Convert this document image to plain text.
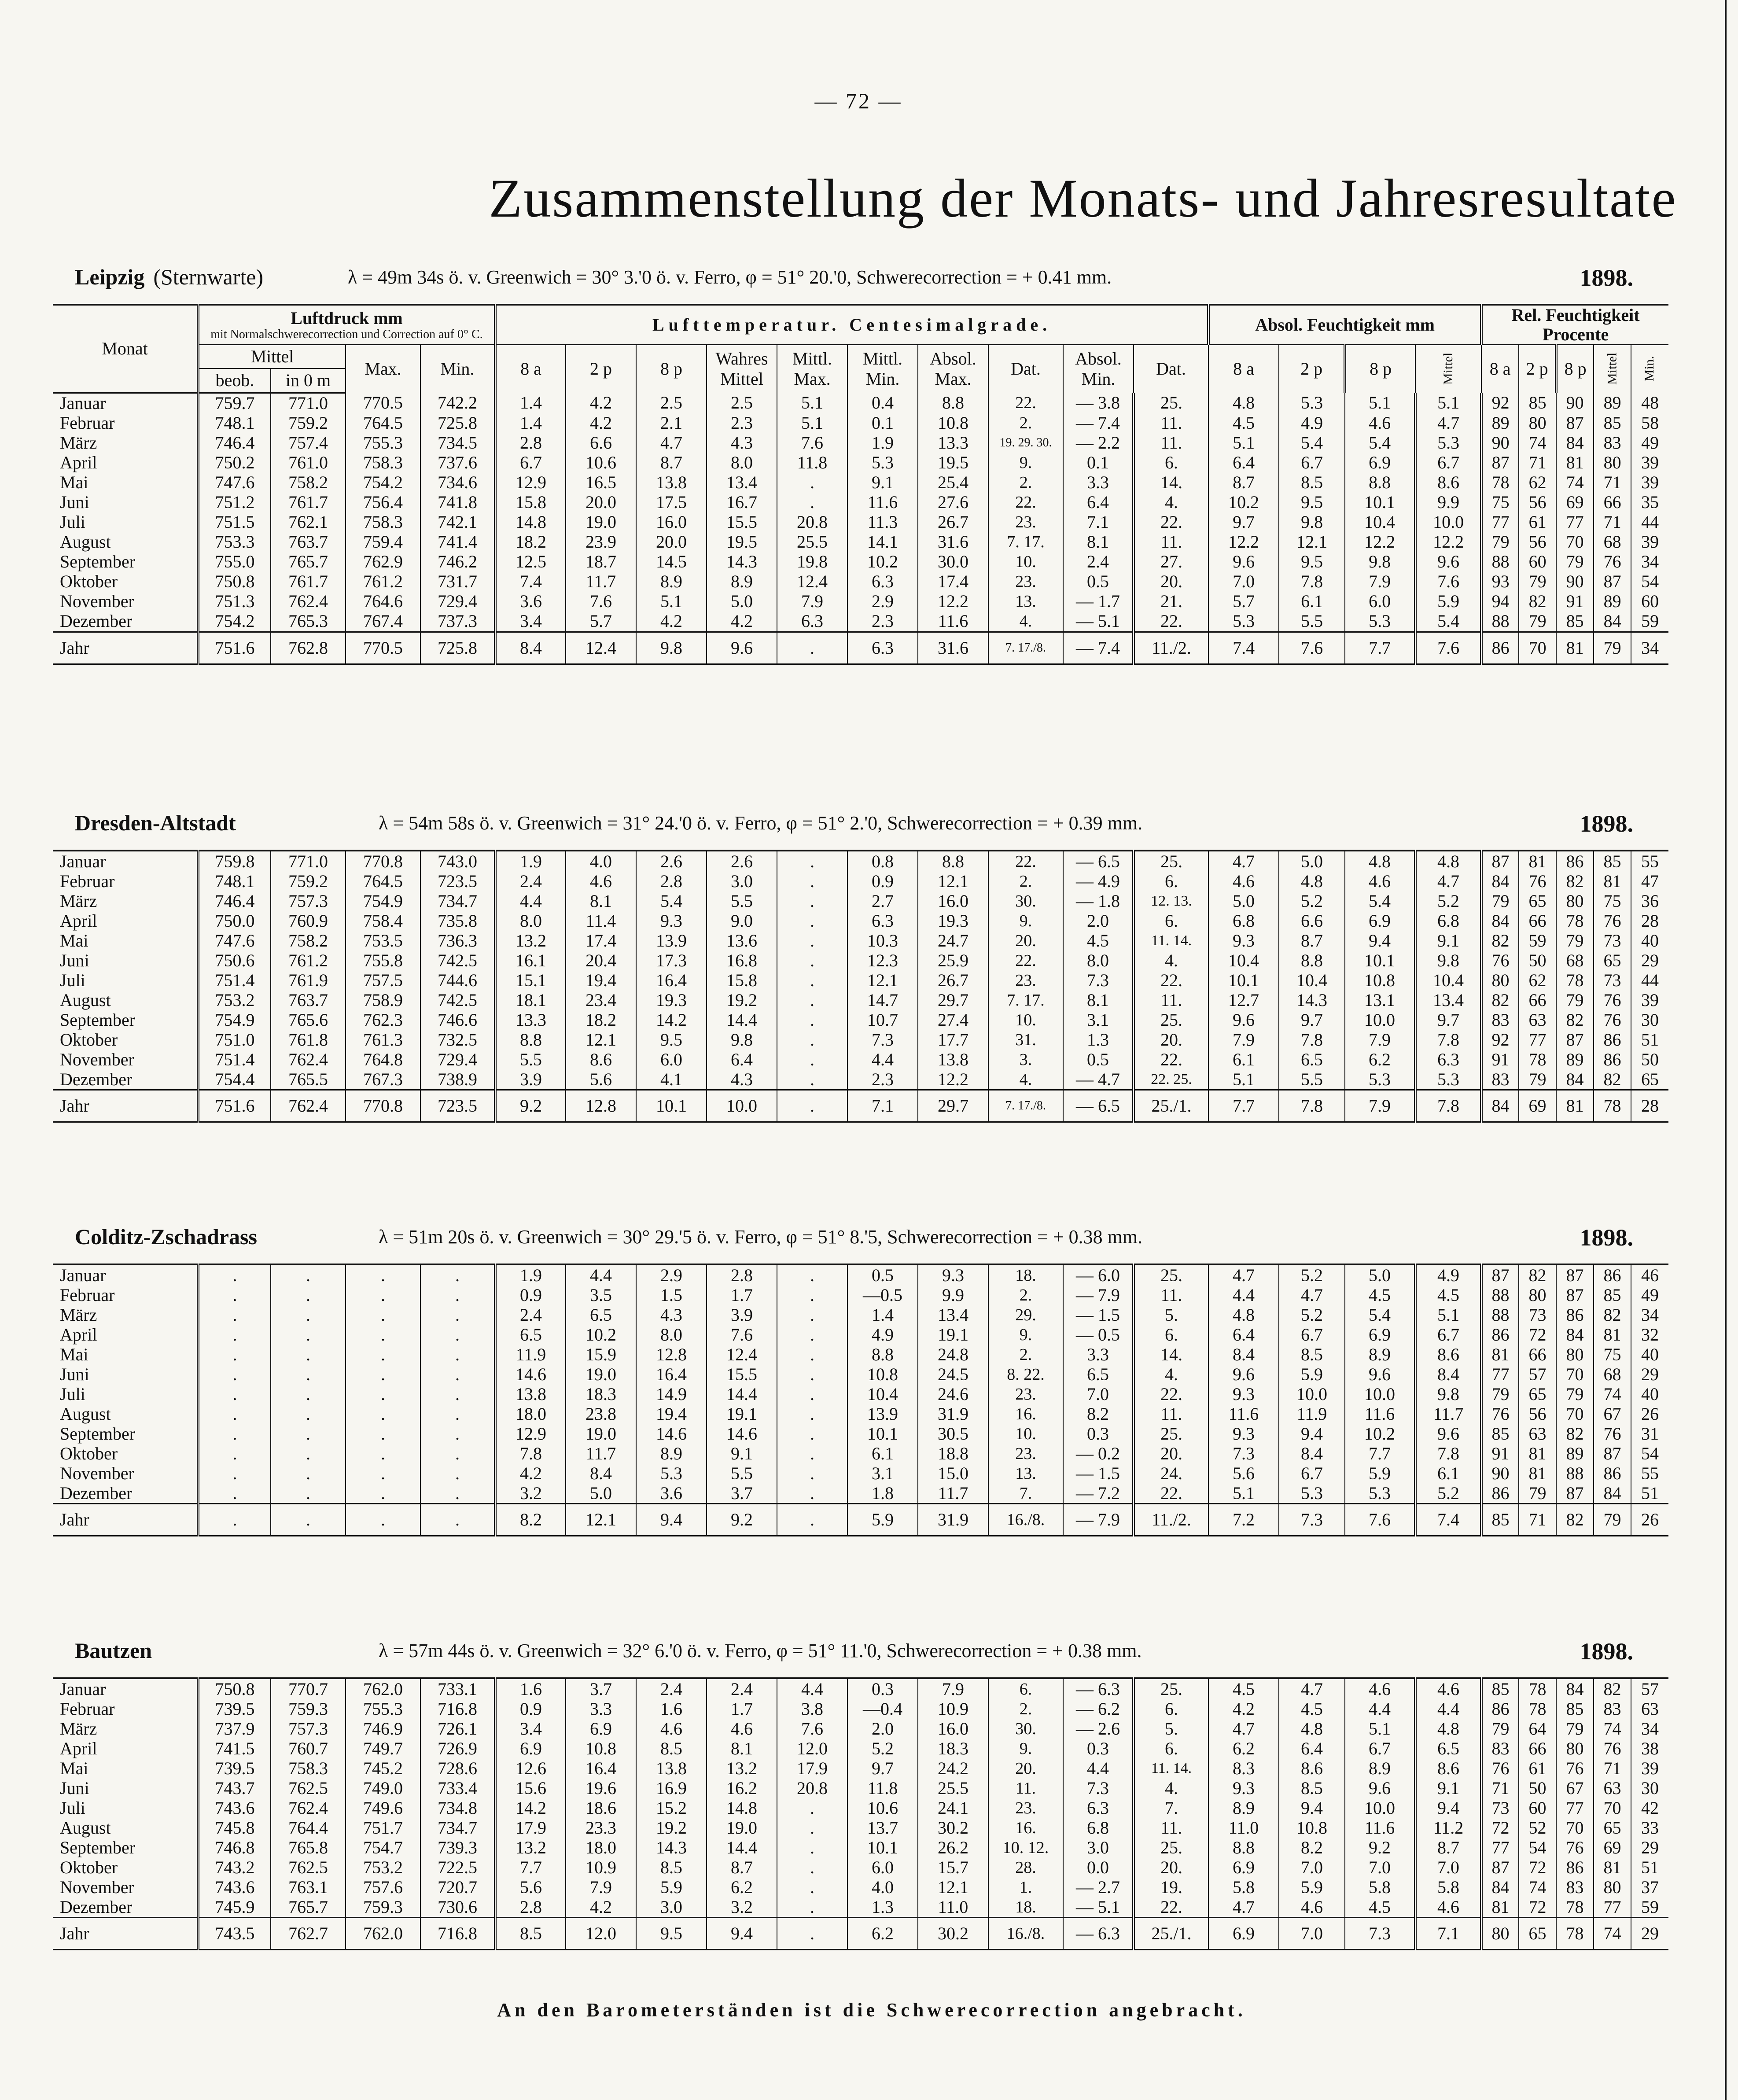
— 72 —
Zusammenstellung der Monats- und Jahresresultate
Leipzig (Sternwarte)	λ = 49m 34s ö. v. Greenwich = 30° 3.'0 ö. v. Ferro, φ = 51° 20.'0, Schwerecorrection = + 0.41 mm.	1898.
Monat	Luftdruck mm
mit Normalschwerecorrection und Correction auf 0° C.				Lufttemperatur. Centesimalgrade.										Absol. Feuchtigkeit mm				Rel. Feuchtigkeit Procente				
	Mittel		Max.	Min.	8 a	2 p	8 p	Wahres Mittel	Mittl. Max.	Mittl. Min.	Absol. Max.	Dat.	Absol. Min.	Dat.	8 a	2 p	8 p	Mittel	8 a	2 p	8 p	Mittel	Min.
	beob.	in 0 m																					
Januar	759.7	771.0	770.5	742.2	1.4	4.2	2.5	2.5	5.1	0.4	8.8	22.	— 3.8	25.	4.8	5.3	5.1	5.1	92	85	90	89	48
Februar	748.1	759.2	764.5	725.8	1.4	4.2	2.1	2.3	5.1	0.1	10.8	2.	— 7.4	11.	4.5	4.9	4.6	4.7	89	80	87	85	58
März	746.4	757.4	755.3	734.5	2.8	6.6	4.7	4.3	7.6	1.9	13.3	19. 29. 30.	— 2.2	11.	5.1	5.4	5.4	5.3	90	74	84	83	49
April	750.2	761.0	758.3	737.6	6.7	10.6	8.7	8.0	11.8	5.3	19.5	9.	0.1	6.	6.4	6.7	6.9	6.7	87	71	81	80	39
Mai	747.6	758.2	754.2	734.6	12.9	16.5	13.8	13.4	.	9.1	25.4	2.	3.3	14.	8.7	8.5	8.8	8.6	78	62	74	71	39
Juni	751.2	761.7	756.4	741.8	15.8	20.0	17.5	16.7	.	11.6	27.6	22.	6.4	4.	10.2	9.5	10.1	9.9	75	56	69	66	35
Juli	751.5	762.1	758.3	742.1	14.8	19.0	16.0	15.5	20.8	11.3	26.7	23.	7.1	22.	9.7	9.8	10.4	10.0	77	61	77	71	44
August	753.3	763.7	759.4	741.4	18.2	23.9	20.0	19.5	25.5	14.1	31.6	7. 17.	8.1	11.	12.2	12.1	12.2	12.2	79	56	70	68	39
September	755.0	765.7	762.9	746.2	12.5	18.7	14.5	14.3	19.8	10.2	30.0	10.	2.4	27.	9.6	9.5	9.8	9.6	88	60	79	76	34
Oktober	750.8	761.7	761.2	731.7	7.4	11.7	8.9	8.9	12.4	6.3	17.4	23.	0.5	20.	7.0	7.8	7.9	7.6	93	79	90	87	54
November	751.3	762.4	764.6	729.4	3.6	7.6	5.1	5.0	7.9	2.9	12.2	13.	— 1.7	21.	5.7	6.1	6.0	5.9	94	82	91	89	60
Dezember	754.2	765.3	767.4	737.3	3.4	5.7	4.2	4.2	6.3	2.3	11.6	4.	— 5.1	22.	5.3	5.5	5.3	5.4	88	79	85	84	59
Jahr	751.6	762.8	770.5	725.8	8.4	12.4	9.8	9.6	.	6.3	31.6	7. 17./8.	— 7.4	11./2.	7.4	7.6	7.7	7.6	86	70	81	79	34
Dresden-Altstadt	λ = 54m 58s ö. v. Greenwich = 31° 24.'0 ö. v. Ferro, φ = 51° 2.'0, Schwerecorrection = + 0.39 mm.	1898.
Januar	759.8	771.0	770.8	743.0	1.9	4.0	2.6	2.6	.	0.8	8.8	22.	— 6.5	25.	4.7	5.0	4.8	4.8	87	81	86	85	55
Februar	748.1	759.2	764.5	723.5	2.4	4.6	2.8	3.0	.	0.9	12.1	2.	— 4.9	6.	4.6	4.8	4.6	4.7	84	76	82	81	47
März	746.4	757.3	754.9	734.7	4.4	8.1	5.4	5.5	.	2.7	16.0	30.	— 1.8	12. 13.	5.0	5.2	5.4	5.2	79	65	80	75	36
April	750.0	760.9	758.4	735.8	8.0	11.4	9.3	9.0	.	6.3	19.3	9.	2.0	6.	6.8	6.6	6.9	6.8	84	66	78	76	28
Mai	747.6	758.2	753.5	736.3	13.2	17.4	13.9	13.6	.	10.3	24.7	20.	4.5	11. 14.	9.3	8.7	9.4	9.1	82	59	79	73	40
Juni	750.6	761.2	755.8	742.5	16.1	20.4	17.3	16.8	.	12.3	25.9	22.	8.0	4.	10.4	8.8	10.1	9.8	76	50	68	65	29
Juli	751.4	761.9	757.5	744.6	15.1	19.4	16.4	15.8	.	12.1	26.7	23.	7.3	22.	10.1	10.4	10.8	10.4	80	62	78	73	44
August	753.2	763.7	758.9	742.5	18.1	23.4	19.3	19.2	.	14.7	29.7	7. 17.	8.1	11.	12.7	14.3	13.1	13.4	82	66	79	76	39
September	754.9	765.6	762.3	746.6	13.3	18.2	14.2	14.4	.	10.7	27.4	10.	3.1	25.	9.6	9.7	10.0	9.7	83	63	82	76	30
Oktober	751.0	761.8	761.3	732.5	8.8	12.1	9.5	9.8	.	7.3	17.7	31.	1.3	20.	7.9	7.8	7.9	7.8	92	77	87	86	51
November	751.4	762.4	764.8	729.4	5.5	8.6	6.0	6.4	.	4.4	13.8	3.	0.5	22.	6.1	6.5	6.2	6.3	91	78	89	86	50
Dezember	754.4	765.5	767.3	738.9	3.9	5.6	4.1	4.3	.	2.3	12.2	4.	— 4.7	22. 25.	5.1	5.5	5.3	5.3	83	79	84	82	65
Jahr	751.6	762.4	770.8	723.5	9.2	12.8	10.1	10.0	.	7.1	29.7	7. 17./8.	— 6.5	25./1.	7.7	7.8	7.9	7.8	84	69	81	78	28
Colditz-Zschadrass	λ = 51m 20s ö. v. Greenwich = 30° 29.'5 ö. v. Ferro, φ = 51° 8.'5, Schwerecorrection = + 0.38 mm.	1898.
Januar	.	.	.	.	1.9	4.4	2.9	2.8	.	0.5	9.3	18.	— 6.0	25.	4.7	5.2	5.0	4.9	87	82	87	86	46
Februar	.	.	.	.	0.9	3.5	1.5	1.7	.	—0.5	9.9	2.	— 7.9	11.	4.4	4.7	4.5	4.5	88	80	87	85	49
März	.	.	.	.	2.4	6.5	4.3	3.9	.	1.4	13.4	29.	— 1.5	5.	4.8	5.2	5.4	5.1	88	73	86	82	34
April	.	.	.	.	6.5	10.2	8.0	7.6	.	4.9	19.1	9.	— 0.5	6.	6.4	6.7	6.9	6.7	86	72	84	81	32
Mai	.	.	.	.	11.9	15.9	12.8	12.4	.	8.8	24.8	2.	3.3	14.	8.4	8.5	8.9	8.6	81	66	80	75	40
Juni	.	.	.	.	14.6	19.0	16.4	15.5	.	10.8	24.5	8. 22.	6.5	4.	9.6	5.9	9.6	8.4	77	57	70	68	29
Juli	.	.	.	.	13.8	18.3	14.9	14.4	.	10.4	24.6	23.	7.0	22.	9.3	10.0	10.0	9.8	79	65	79	74	40
August	.	.	.	.	18.0	23.8	19.4	19.1	.	13.9	31.9	16.	8.2	11.	11.6	11.9	11.6	11.7	76	56	70	67	26
September	.	.	.	.	12.9	19.0	14.6	14.6	.	10.1	30.5	10.	0.3	25.	9.3	9.4	10.2	9.6	85	63	82	76	31
Oktober	.	.	.	.	7.8	11.7	8.9	9.1	.	6.1	18.8	23.	— 0.2	20.	7.3	8.4	7.7	7.8	91	81	89	87	54
November	.	.	.	.	4.2	8.4	5.3	5.5	.	3.1	15.0	13.	— 1.5	24.	5.6	6.7	5.9	6.1	90	81	88	86	55
Dezember	.	.	.	.	3.2	5.0	3.6	3.7	.	1.8	11.7	7.	— 7.2	22.	5.1	5.3	5.3	5.2	86	79	87	84	51
Jahr	.	.	.	.	8.2	12.1	9.4	9.2	.	5.9	31.9	16./8.	— 7.9	11./2.	7.2	7.3	7.6	7.4	85	71	82	79	26
Bautzen	λ = 57m 44s ö. v. Greenwich = 32° 6.'0 ö. v. Ferro, φ = 51° 11.'0, Schwerecorrection = + 0.38 mm.	1898.
Januar	750.8	770.7	762.0	733.1	1.6	3.7	2.4	2.4	4.4	0.3	7.9	6.	— 6.3	25.	4.5	4.7	4.6	4.6	85	78	84	82	57
Februar	739.5	759.3	755.3	716.8	0.9	3.3	1.6	1.7	3.8	—0.4	10.9	2.	— 6.2	6.	4.2	4.5	4.4	4.4	86	78	85	83	63
März	737.9	757.3	746.9	726.1	3.4	6.9	4.6	4.6	7.6	2.0	16.0	30.	— 2.6	5.	4.7	4.8	5.1	4.8	79	64	79	74	34
April	741.5	760.7	749.7	726.9	6.9	10.8	8.5	8.1	12.0	5.2	18.3	9.	0.3	6.	6.2	6.4	6.7	6.5	83	66	80	76	38
Mai	739.5	758.3	745.2	728.6	12.6	16.4	13.8	13.2	17.9	9.7	24.2	20.	4.4	11. 14.	8.3	8.6	8.9	8.6	76	61	76	71	39
Juni	743.7	762.5	749.0	733.4	15.6	19.6	16.9	16.2	20.8	11.8	25.5	11.	7.3	4.	9.3	8.5	9.6	9.1	71	50	67	63	30
Juli	743.6	762.4	749.6	734.8	14.2	18.6	15.2	14.8	.	10.6	24.1	23.	6.3	7.	8.9	9.4	10.0	9.4	73	60	77	70	42
August	745.8	764.4	751.7	734.7	17.9	23.3	19.2	19.0	.	13.7	30.2	16.	6.8	11.	11.0	10.8	11.6	11.2	72	52	70	65	33
September	746.8	765.8	754.7	739.3	13.2	18.0	14.3	14.4	.	10.1	26.2	10. 12.	3.0	25.	8.8	8.2	9.2	8.7	77	54	76	69	29
Oktober	743.2	762.5	753.2	722.5	7.7	10.9	8.5	8.7	.	6.0	15.7	28.	0.0	20.	6.9	7.0	7.0	7.0	87	72	86	81	51
November	743.6	763.1	757.6	720.7	5.6	7.9	5.9	6.2	.	4.0	12.1	1.	— 2.7	19.	5.8	5.9	5.8	5.8	84	74	83	80	37
Dezember	745.9	765.7	759.3	730.6	2.8	4.2	3.0	3.2	.	1.3	11.0	18.	— 5.1	22.	4.7	4.6	4.5	4.6	81	72	78	77	59
Jahr	743.5	762.7	762.0	716.8	8.5	12.0	9.5	9.4	.	6.2	30.2	16./8.	— 6.3	25./1.	6.9	7.0	7.3	7.1	80	65	78	74	29
An den Barometerständen ist die Schwerecorrection angebracht.
